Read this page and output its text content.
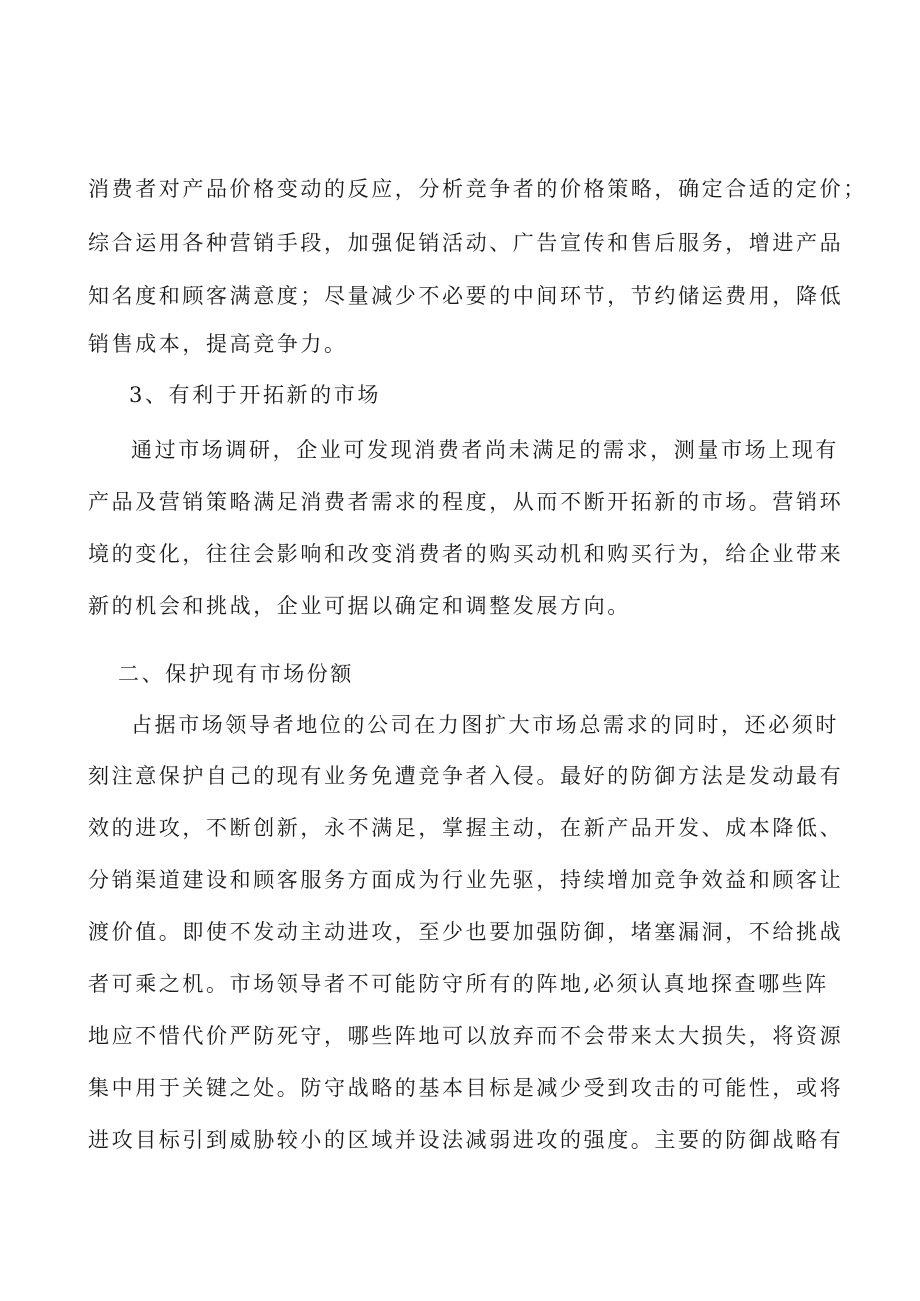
消费者对产品价格变动的反应，分析竞争者的价格策略，确定合适的定价；
综合运用各种营销手段，加强促销活动、广告宣传和售后服务，增进产品
知名度和顾客满意度；尽量减少不必要的中间环节，节约储运费用，降低
销售成本，提高竞争力。
3、有利于开拓新的市场
通过市场调研，企业可发现消费者尚未满足的需求，测量市场上现有
产品及营销策略满足消费者需求的程度，从而不断开拓新的市场。营销环
境的变化，往往会影响和改变消费者的购买动机和购买行为，给企业带来
新的机会和挑战，企业可据以确定和调整发展方向。
二、保护现有市场份额
占据市场领导者地位的公司在力图扩大市场总需求的同时，还必须时
刻注意保护自己的现有业务免遭竞争者入侵。最好的防御方法是发动最有
效的进攻，不断创新，永不满足，掌握主动，在新产品开发、成本降低、
分销渠道建设和顾客服务方面成为行业先驱，持续增加竞争效益和顾客让
渡价值。即使不发动主动进攻，至少也要加强防御，堵塞漏洞，不给挑战
者可乘之机。市场领导者不可能防守所有的阵地,必须认真地探查哪些阵
地应不惜代价严防死守，哪些阵地可以放弃而不会带来太大损失，将资源
集中用于关键之处。防守战略的基本目标是减少受到攻击的可能性，或将
进攻目标引到威胁较小的区域并设法减弱进攻的强度。主要的防御战略有
